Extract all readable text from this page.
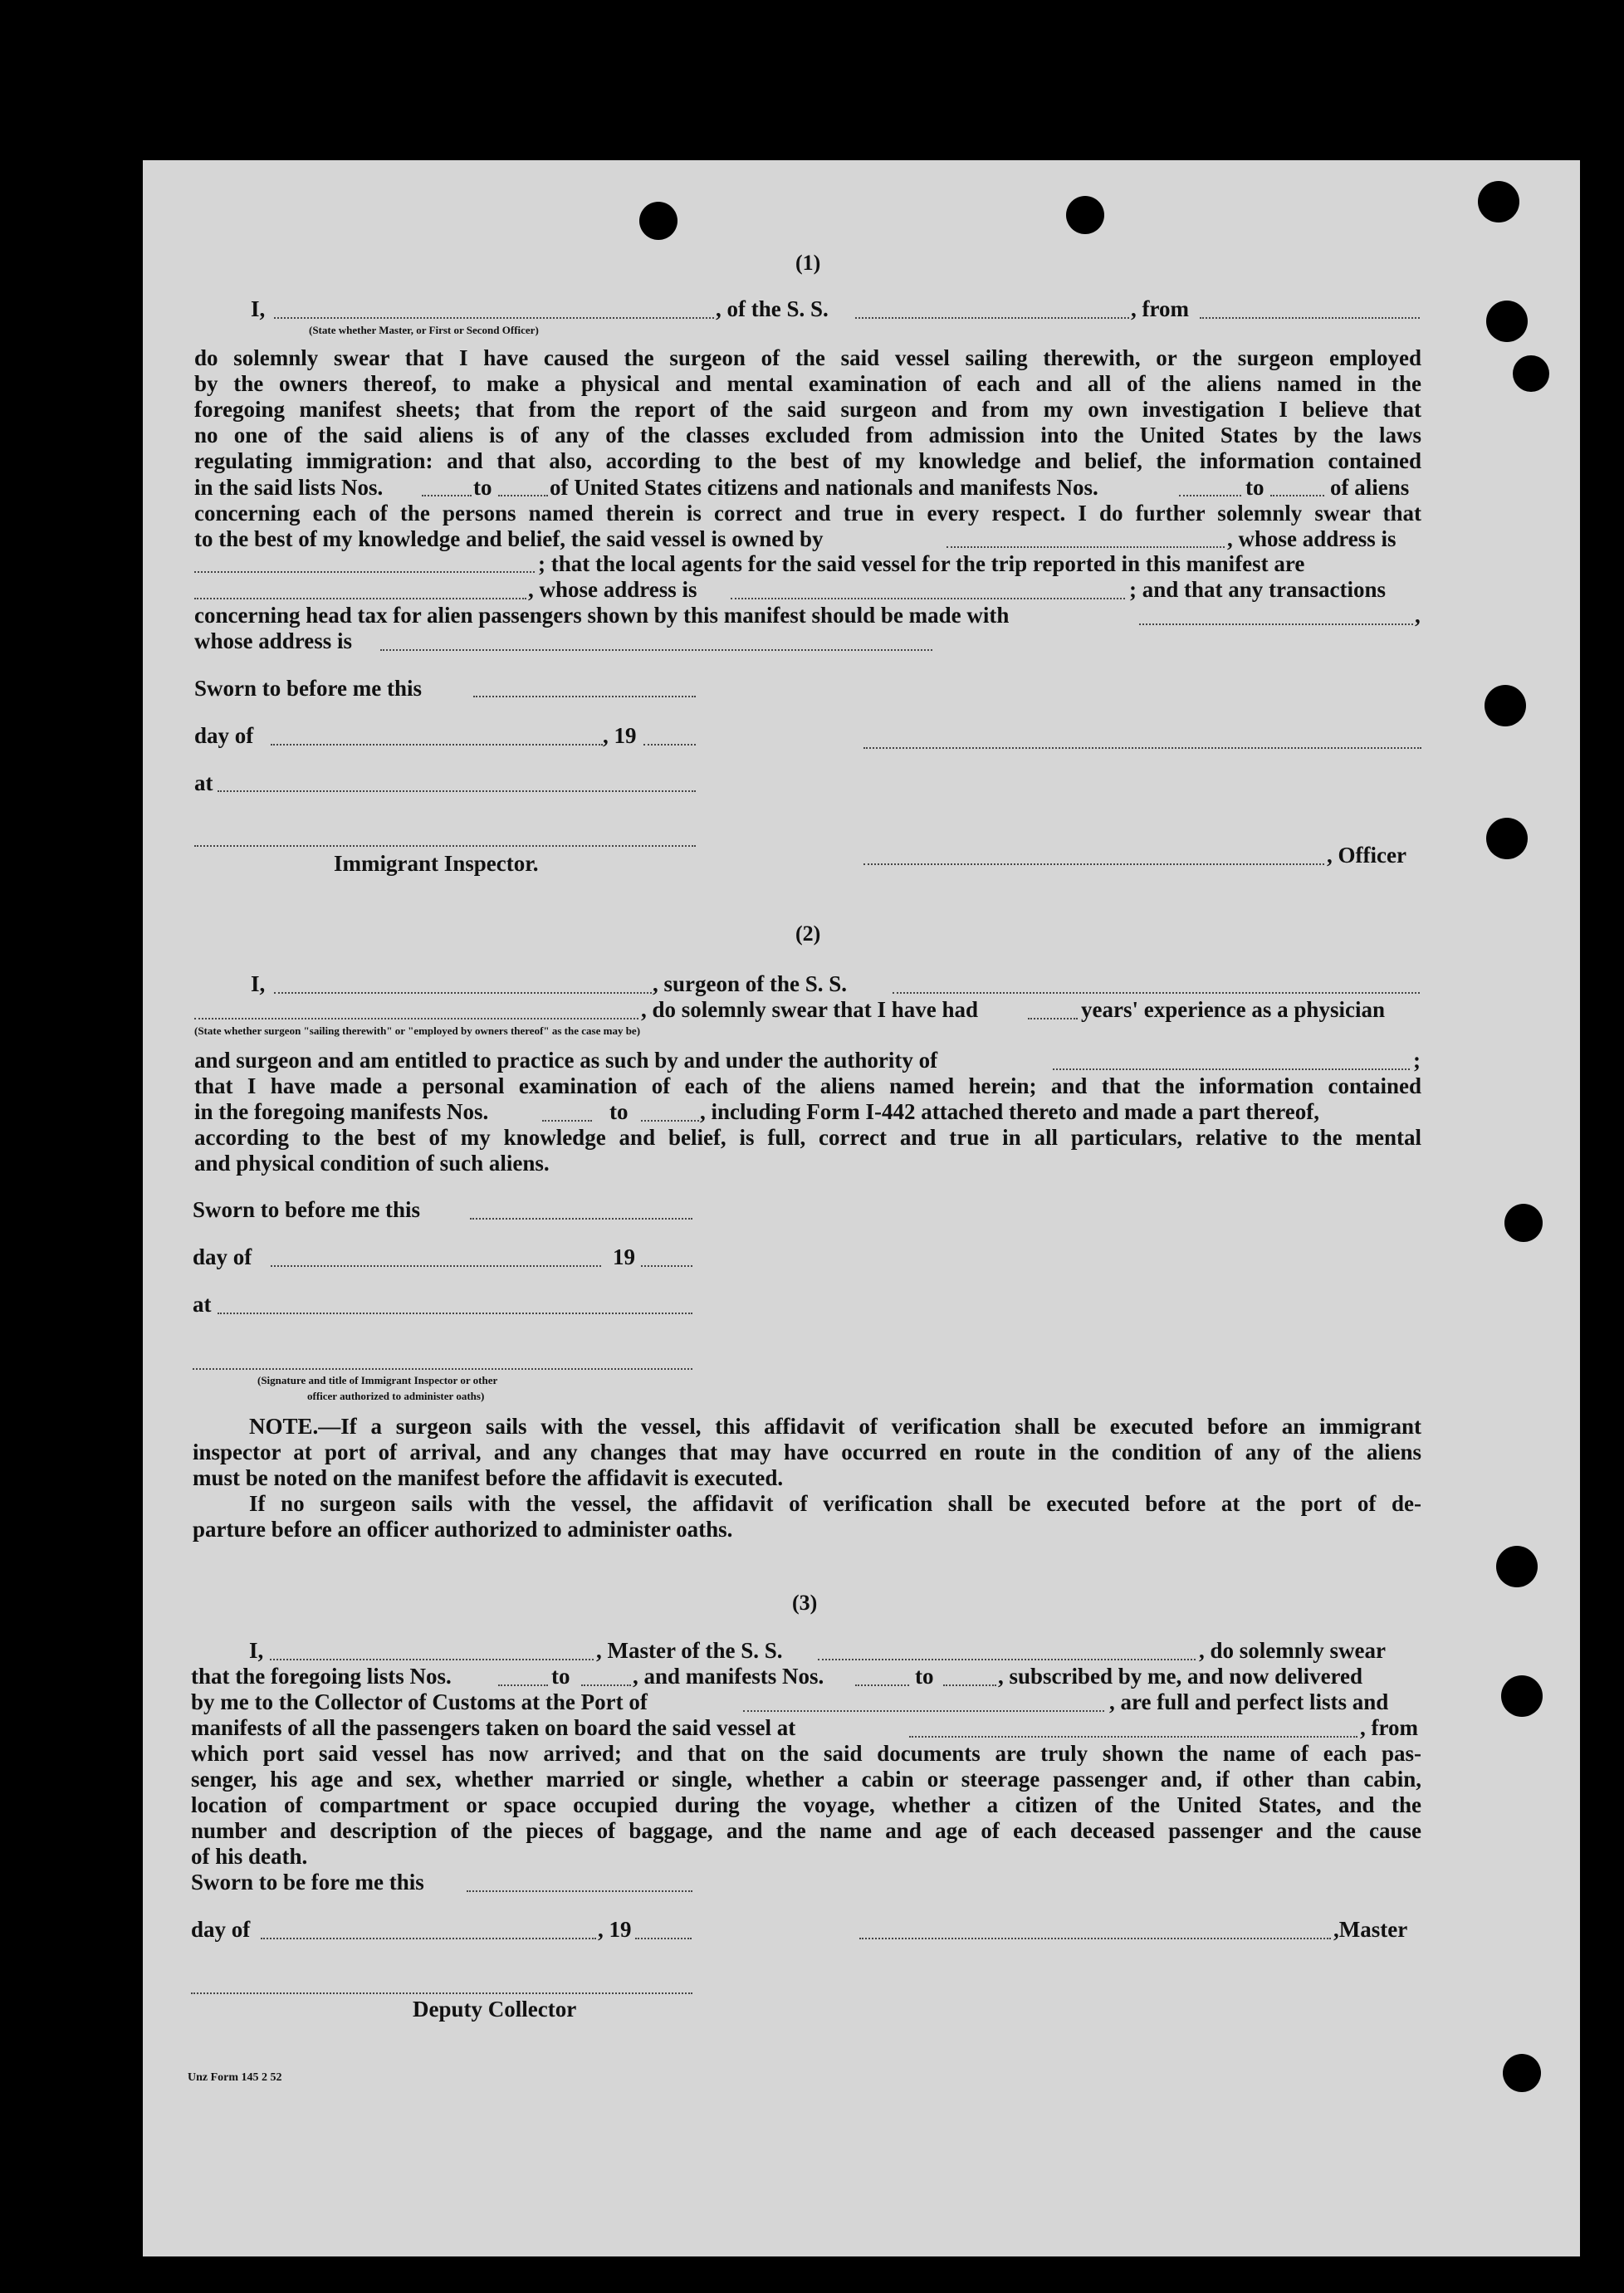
(1)
I,	, of the S. S.	, from
(State whether Master, or First or Second Officer)
do solemnly swear that I have caused the surgeon of the said vessel sailing therewith, or the surgeon employed
by the owners thereof, to make a physical and mental examination of each and all of the aliens named in the
foregoing manifest sheets; that from the report of the said surgeon and from my own investigation I believe that
no one of the said aliens is of any of the classes excluded from admission into the United States by the laws
regulating immigration: and that also, according to the best of my knowledge and belief, the information contained
in the said lists Nos.	to	of United States citizens and nationals and manifests Nos.	to	of aliens
concerning each of the persons named therein is correct and true in every respect. I do further solemnly swear that
to the best of my knowledge and belief, the said vessel is owned by	, whose address is
; that the local agents for the said vessel for the trip reported in this manifest are
, whose address is	; and that any transactions
concerning head tax for alien passengers shown by this manifest should be made with	,
whose address is
Sworn to before me this
day of	, 19
at
, Officer
Immigrant Inspector.
(2)
I,	, surgeon of the S. S.
, do solemnly swear that I have had	years' experience as a physician
(State whether surgeon "sailing therewith" or "employed by owners thereof" as the case may be)
and surgeon and am entitled to practice as such by and under the authority of	;
that I have made a personal examination of each of the aliens named herein; and that the information contained
in the foregoing manifests Nos.	to	, including Form I-442 attached thereto and made a part thereof,
according to the best of my knowledge and belief, is full, correct and true in all particulars, relative to the mental
and physical condition of such aliens.
Sworn to before me this
day of	19
at
(Signature and title of Immigrant Inspector or other
officer authorized to administer oaths)
NOTE.—If a surgeon sails with the vessel, this affidavit of verification shall be executed before an immigrant
inspector at port of arrival, and any changes that may have occurred en route in the condition of any of the aliens
must be noted on the manifest before the affidavit is executed.
If no surgeon sails with the vessel, the affidavit of verification shall be executed before at the port of de-
parture before an officer authorized to administer oaths.
(3)
I,	, Master of the S. S.	, do solemnly swear
that the foregoing lists Nos.	to	, and manifests Nos.	to	, subscribed by me, and now delivered
by me to the Collector of Customs at the Port of	, are full and perfect lists and
manifests of all the passengers taken on board the said vessel at	, from
which port said vessel has now arrived; and that on the said documents are truly shown the name of each pas-
senger, his age and sex, whether married or single, whether a cabin or steerage passenger and, if other than cabin,
location of compartment or space occupied during the voyage, whether a citizen of the United States, and the
number and description of the pieces of baggage, and the name and age of each deceased passenger and the cause
of his death.
Sworn to be fore me this
day of	, 19	,Master
Deputy Collector
Unz Form 145 2 52
